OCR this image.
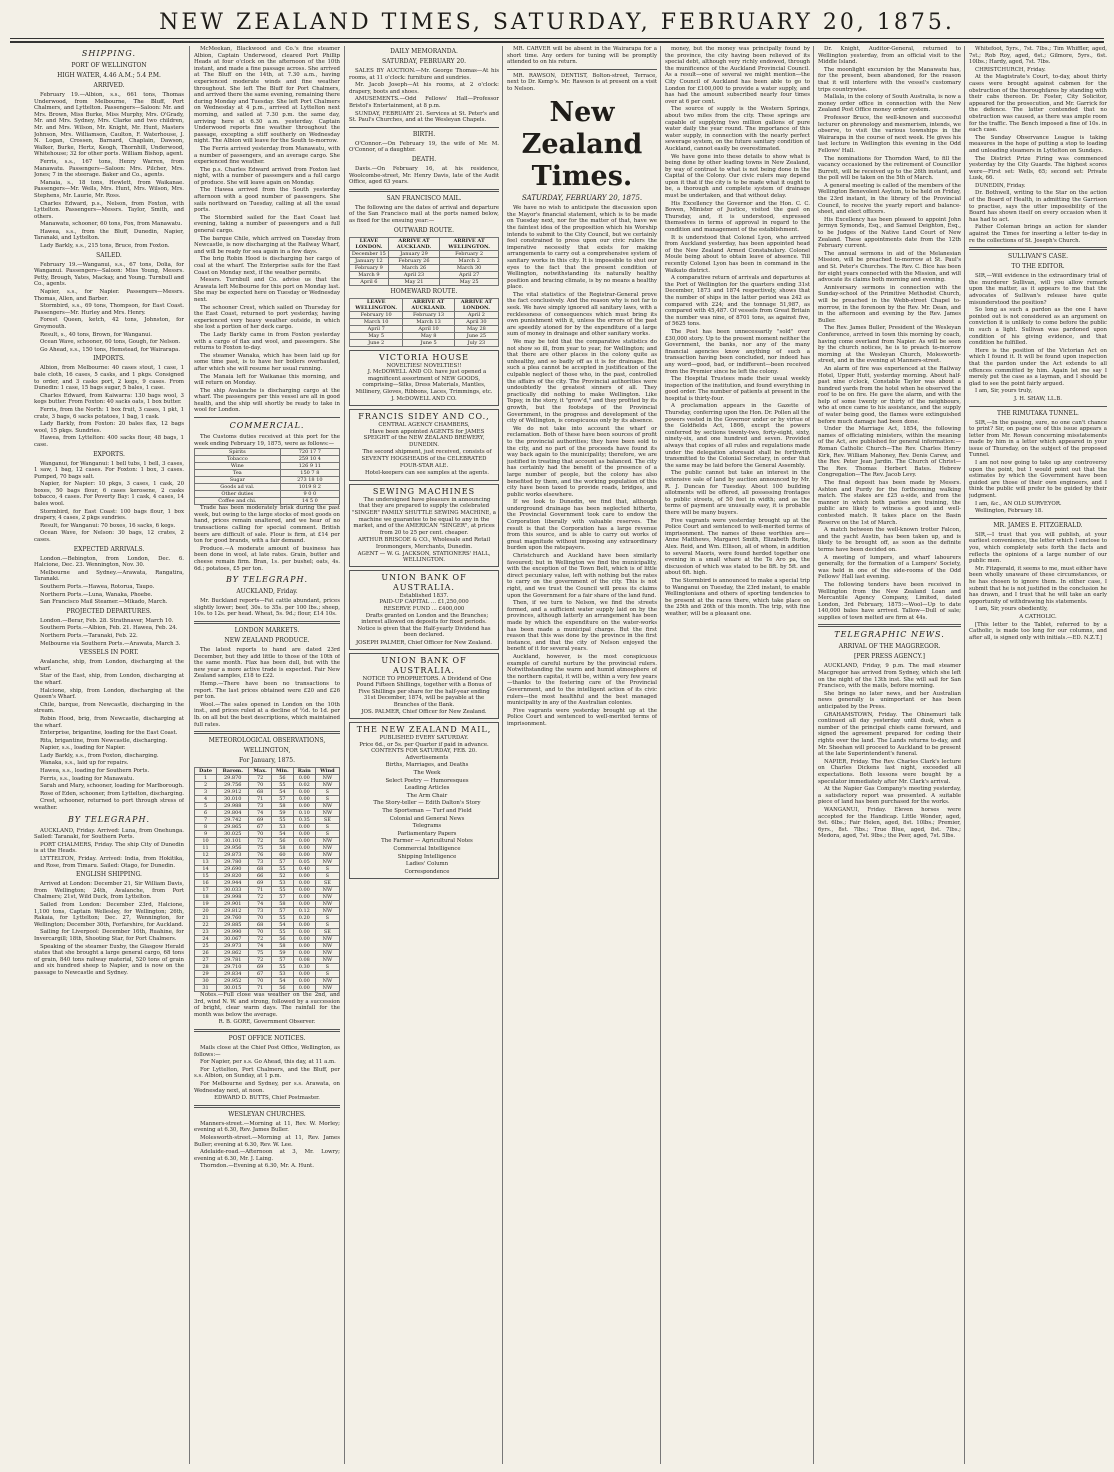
NEW ZEALAND TIMES, SATURDAY, FEBRUARY 20, 1875.
SHIPPING.
PORT OF WELLINGTON
HIGH WATER, 4.46 A.M.; 5.4 P.M.
ARRIVED.

February 19.—Albion, s.s., 661 tons, Thomas Underwood, from Melbourne, The Bluff, Port Chalmers, and Lyttelton. Passengers—Saloon: Mr. and Mrs. Brown, Miss Burke, Miss Murphy, Mrs. O'Grady, Mr. and Mrs. Sydney, Mrs. Clarke and two children, Mr. and Mrs. Wilson, Mr. Knight, Mr. Hunt, Masters Johnson, Mrs. Williamson, Caulton, F. Waterhouse, J. N. Logan, Crossen, Barnard, Chaplain, Dawson, Walker, Burke, Hertz, Keogh, Thornhill, Underwood, Whitehouse; 32 for other ports. William Bishop, agent.

Ferris, s.s., 167 tons, Henry Warren, from Manawatu. Passengers—Saloon: Mrs. Pilcher, Mrs. Jones; 7 in the steerage. Baker and Co., agents.

Manaia, s., 18 tons, Hewlett, from Waikanae. Passengers—Mr. Wells, Mrs. Hunt, Mrs. Wilson, Mrs. Stephens, Mr. Laurie, Mr. Ross.

Charles Edward, p.s., Nelson, from Foxton, with Lyttelton. Passengers—Messrs. Taylor, Smith, and others.

Manawatu, schooner, 60 tons, Fox, from Manawatu.

Hawea, s.s., from the Bluff, Dunedin, Napier, Taranaki, and Lyttelton.

Lady Barkly, s.s., 215 tons, Bruce, from Foxton.

SAILED.

February 19.—Wanganui, s.s., 67 tons, Dolia, for Wanganui. Passengers—Saloon: Miss Young, Messrs. Petty, Brough, Yates, Mackay, and Young. Turnbull and Co., agents.

Napier, s.s., for Napier. Passengers—Messrs. Thomas, Allen, and Barber.

Stormbird, s.s., 69 tons, Thompson, for East Coast. Passengers—Mr. Hurley and Mrs. Henry.

Forest Queen, ketch, 42 tons, Johnston, for Greymouth.

Result, s., 40 tons, Brown, for Wanganui.

Ocean Wave, schooner, 60 tons, Gough, for Nelson.

Go Ahead, s.s., 150 tons, Hemstead, for Wairarapa.

IMPORTS.

Albion, from Melbourne: 40 cases stout, 1 case, 1 bale cloth, 16 cases, 5 casks, and 1 pkgs. Consigned to order, and 3 casks port, 2 kegs, 9 cases. From Dunedin: 1 case, 15 bags sugar, 5 bales, 1 case.

Charles Edward, from Kaiwarra: 130 bags wool, 3 kegs butter. From Foxton: 40 sacks oats, 1 box butter.

Ferris, from the North: 1 box fruit, 3 cases, 1 pkt, 1 crate, 3 bags, 6 sacks potatoes, 1 bag, 1 cask.

Lady Barkly, from Foxton: 20 bales flax, 12 bags wool, 15 pkgs. Sundries.

Hawea, from Lyttelton: 400 sacks flour, 48 bags, 1 case.

EXPORTS.

Wanganui, for Wanganui: 1 bell tubs, 1 bell, 3 cases, 1 saw, 1 bag, 12 cases. For Foxton: 1 box, 3 cases. Pumped, 70 bags salt.

Napier, for Napier: 10 pkgs, 3 cases, 1 cask, 20 boxes, 50 bags flour, 6 cases kerosene, 2 casks tobacco, 4 cases. For Poverty Bay: 1 cask, 4 cases, 14 bales wool.

Stormbird, for East Coast: 100 bags flour, 1 box drapery, 4 cases, 2 pkgs sundries.

Result, for Wanganui: 70 boxes, 16 sacks, 6 kegs.

Ocean Wave, for Nelson: 30 bags, 12 crates, 2 cases.

EXPECTED ARRIVALS.

London.—Bebington, from London, Dec. 6. Halcione, Dec. 23. Wennington, Nov. 30.

Melbourne and Sydney.—Arawata, Rangatira, Taranaki.

Southern Ports.—Hawea, Rotorua, Taupo.

Northern Ports.—Luna, Wanaka, Phoebe.

San Francisco Mail Steamer.—Mikado, March.

PROJECTED DEPARTURES.

London.—Berar, Feb. 28. Strathnaver, March 10.

Southern Ports.—Albion, Feb. 21. Hawea, Feb. 24.

Northern Ports.—Taranaki, Feb. 22.

Melbourne via Southern Ports.—Arawata, March 3.

VESSELS IN PORT.

Avalanche, ship, from London, discharging at the wharf.

Star of the East, ship, from London, discharging at the wharf.

Halcione, ship, from London, discharging at the Queen's Wharf.

Chile, barque, from Newcastle, discharging in the stream.

Robin Hood, brig, from Newcastle, discharging at the wharf.

Enterprise, brigantine, loading for the East Coast.

Rita, brigantine, from Newcastle, discharging.

Napier, s.s., loading for Napier.

Lady Barkly, s.s., from Foxton, discharging.

Wanaka, s.s., laid up for repairs.

Hawea, s.s., loading for Southern Ports.

Ferris, s.s., loading for Manawatu.

Sarah and Mary, schooner, loading for Marlborough.

Rose of Eden, schooner, from Lyttelton, discharging.

Crest, schooner, returned to port through stress of weather.

BY TELEGRAPH.

AUCKLAND, Friday. Arrived: Luna, from Onehunga. Sailed: Taranaki, for Southern Ports.

PORT CHALMERS, Friday. The ship City of Dunedin is at the Heads.

LYTTELTON, Friday. Arrived: India, from Hokitika, and Rose, from Timaru. Sailed: Otago, for Dunedin.

ENGLISH SHIPPING.

Arrived at London: December 21, Sir William Davis, from Wellington; 24th, Avalanche, from Port Chalmers; 21st, Wild Duck, from Lyttelton.

Sailed from London: December 23rd, Halcione, 1,100 tons, Captain Wellesley, for Wellington; 26th, Rakaia, for Lyttelton; Dec. 27, Wennington, for Wellington; December 30th, Forfarshire, for Auckland.

Sailing for Liverpool: December 16th, Ruahine, for Invercargill; 18th, Shooting Star, for Port Chalmers.

Speaking of the steamer Euxby, the Glasgow Herald states that she brought a large general cargo, 68 tons of grain, 840 tons railway material, 520 tons of grain and six hundred sheep to Napier, and is now on the passage to Newcastle and Sydney.

McMeekan, Blackwood and Co.'s fine steamer Albion, Captain Underwood, cleared Port Phillip Heads at four o'clock on the afternoon of the 10th instant, and made a fine passage across. She arrived at The Bluff on the 14th, at 7.30 a.m., having experienced moderate winds and fine weather throughout. She left The Bluff for Port Chalmers, and arrived there the same evening, remaining there during Monday and Tuesday. She left Port Chalmers on Wednesday at 4 p.m., arrived at Lyttelton next morning, and sailed at 7.30 p.m. the same day, arriving here at 6.30 a.m. yesterday. Captain Underwood reports fine weather throughout the passage, excepting a stiff southerly on Wednesday night. The Albion will leave for the South to-morrow.

The Ferris arrived yesterday from Manawatu, with a number of passengers, and an average cargo. She experienced fine weather.

The p.s. Charles Edward arrived from Foxton last night, with a number of passengers and a full cargo of produce. She will leave again on Monday.

The Hawea arrived from the South yesterday afternoon with a good number of passengers. She sails northward on Tuesday, calling at all the usual ports.

The Stormbird sailed for the East Coast last evening, taking a number of passengers and a full general cargo.

The barque Chile, which arrived on Tuesday from Newcastle, is now discharging at the Railway Wharf, and will be ready for sea again in a few days.

The brig Robin Hood is discharging her cargo of coal at the wharf. The Enterprise sails for the East Coast on Monday next, if the weather permits.

Messrs. Turnbull and Co. advise us that the Arawata left Melbourne for this port on Monday last. She may be expected here on Tuesday or Wednesday next.

The schooner Crest, which sailed on Thursday for the East Coast, returned to port yesterday, having experienced very heavy weather outside, in which she lost a portion of her deck cargo.

The Lady Barkly came in from Foxton yesterday with a cargo of flax and wool, and passengers. She returns to Foxton to-day.

The steamer Wanaka, which has been laid up for some time past, is to have her boilers overhauled, after which she will resume her usual running.

The Manaia left for Waikanae this morning, and will return on Monday.

The ship Avalanche is discharging cargo at the wharf. The passengers per this vessel are all in good health, and the ship will shortly be ready to take in wool for London.

COMMERCIAL.

The Customs duties received at this port for the week ending February 19, 1875, were as follows:—

Spirits	720 17 7
Tobacco	259 10 4
Wine	126 9 11
Tea	150 7 8
Sugar	273 18 10
Goods ad val.	1019 8 2
Other duties	9 0 0
Coffee and chi.	14 5 0

Trade has been moderately brisk during the past week, but owing to the large stocks of most goods on hand, prices remain unaltered, and we hear of no transactions calling for special comment. British beers are difficult of sale. Flour is firm, at £14 per ton for good brands, with a fair demand.

Produce.—A moderate amount of business has been done in wool, at late rates. Grain, butter and cheese remain firm. Bran, 1s. per bushel; oats, 4s. 6d.; potatoes, £5 per ton.

BY TELEGRAPH.
AUCKLAND, Friday.

Mr. Buckland reports—Fat cattle abundant, prices slightly lower; beef, 30s. to 35s. per 100 lbs.; sheep, 10s. to 12s. per head. Wheat, 5s. 9d.; flour, £14 10s.

LONDON MARKETS.
NEW ZEALAND PRODUCE.

The latest reports to hand are dated 23rd December, but they add little to those of the 10th of the same month. Flax has been dull, but with the new year a more active trade is expected. Fair New Zealand samples, £18 to £22.

Hemp.—There have been no transactions to report. The last prices obtained were £20 and £26 per ton.

Wool.—The sales opened in London on the 10th inst., and prices ruled at a decline of ½d. to 1d. per lb. on all but the best descriptions, which maintained full rates.

METEOROLOGICAL OBSERVATIONS,
WELLINGTON,
For January, 1875.
Date	Barom.	Max.	Min.	Rain	Wind
1	29.870	72	56	0.00	NW
2	29.756	70	55	0.02	NW
3	29.912	68	54	0.00	S
4	30.010	71	57	0.00	S
5	29.988	73	58	0.00	NW
6	29.804	74	59	0.10	NW
7	29.742	69	55	0.35	SE
8	29.865	67	53	0.00	S
9	30.025	70	54	0.00	S
10	30.101	72	56	0.00	NW
11	29.956	75	58	0.00	NW
12	29.873	76	60	0.00	NW
13	29.780	73	57	0.05	NW
14	29.690	68	55	0.40	S
15	29.820	66	52	0.00	S
16	29.944	69	53	0.00	SE
17	30.033	71	55	0.00	NW
18	29.998	72	57	0.00	NW
19	29.901	74	58	0.00	NW
20	29.812	73	57	0.12	NW
21	29.760	70	55	0.20	S
22	29.885	68	54	0.00	S
23	29.990	70	55	0.00	SE
24	30.067	72	56	0.00	NW
25	29.973	74	58	0.00	NW
26	29.862	75	59	0.00	NW
27	29.781	72	57	0.08	NW
28	29.710	69	55	0.30	S
29	29.834	67	53	0.00	S
30	29.952	70	54	0.00	NW
31	30.015	71	56	0.00	NW

Notes.—Full close was weather on the 2nd, and 3rd, wind N. W. and strong, followed by a succession of bright, clear warm days. The rainfall for the month was below the average.

R. B. GORE, Government Observer.

POST OFFICE NOTICES.

Mails close at the Chief Post Office, Wellington, as follows:—

For Napier, per s.s. Go Ahead, this day, at 11 a.m.

For Lyttelton, Port Chalmers, and the Bluff, per s.s. Albion, on Sunday, at 1 p.m.

For Melbourne and Sydney, per s.s. Arawata, on Wednesday next, at noon.

EDWARD D. BUTTS, Chief Postmaster.

WESLEYAN CHURCHES.

Manners-street.—Morning at 11, Rev. W. Morley; evening at 6.30, Rev. James Buller.

Molesworth-street.—Morning at 11, Rev. James Buller; evening at 6.30, Rev. W. Lee.

Adelaide-road.—Afternoon at 3, Mr. Lowry; evening at 6.30, Mr. J. Laing.

Thorndon.—Evening at 6.30, Mr. A. Hunt.

DAILY MEMORANDA.
SATURDAY, FEBRUARY 20.

SALES BY AUCTION.—Mr. George Thomas—At his rooms, at 11 o'clock: furniture and sundries.

Mr. Jacob Joseph—At his rooms, at 2 o'clock: drapery, boots and shoes.

AMUSEMENTS.—Odd Fellows' Hall—Professor Bristol's Entertainment, at 8 p.m.

SUNDAY, FEBRUARY 21. Services at St. Peter's and St. Paul's Churches, and at the Wesleyan Chapels.

BIRTH.

O'Connor.—On February 19, the wife of Mr. M. O'Connor, of a daughter.

DEATH.

Davis.—On February 16, at his residence, Woolcombe-street, Mr. Henry Davis, late of the Audit Office, aged 63 years.

SAN FRANCISCO MAIL.

The following are the dates of arrival and departure of the San Francisco mail at the ports named below, as fixed for the ensuing year:—

OUTWARD ROUTE.
LEAVE LONDON.	ARRIVE AT AUCKLAND.	ARRIVE AT WELLINGTON.
December 15	January 29	February 2
January 12	February 26	March 2
February 9	March 26	March 30
March 9	April 23	April 27
April 6	May 21	May 25
HOMEWARD ROUTE.
LEAVE WELLINGTON.	ARRIVE AT AUCKLAND.	ARRIVE AT LONDON.
February 10	February 13	April 2
March 10	March 13	April 30
April 7	April 10	May 28
May 5	May 8	June 25
June 2	June 5	July 23
VICTORIA HOUSE
NOVELTIES! NOVELTIES!!

J. McDOWELL AND CO. have just opened a magnificent assortment of NEW GOODS, comprising—Silks, Dress Materials, Mantles, Millinery, Gloves, Ribbons, Laces, Trimmings, etc.

J. McDOWELL AND CO.
FRANCIS SIDEY AND CO.,
CENTRAL AGENCY CHAMBERS,

Have been appointed AGENTS for JAMES SPEIGHT of the NEW ZEALAND BREWERY, DUNEDIN.

The second shipment, just received, consists of SEVENTY HOGSHEADS of the CELEBRATED FOUR-STAR ALE.

Hotel-keepers can see samples at the agents.

SEWING MACHINES

The undersigned have pleasure in announcing that they are prepared to supply the celebrated "SINGER" FAMILY SHUTTLE SEWING MACHINE, a machine we guarantee to be equal to any in the market, and of the AMERICAN "SINGER", at prices from 20 to 25 per cent. cheaper.

ARTHUR BRISCOE & CO., Wholesale and Retail Ironmongers, Merchants, Dunedin.
AGENT — W. G. JACKSON, STATIONERS' HALL, WELLINGTON.
UNION BANK OF AUSTRALIA.
Established 1837.
PAID-UP CAPITAL ... £1,250,000
RESERVE FUND ... £400,000

Drafts granted on London and the Branches; interest allowed on deposits for fixed periods. Notice is given that the Half-yearly Dividend has been declared.

JOSEPH PALMER, Chief Officer for New Zealand.
UNION BANK OF AUSTRALIA.

NOTICE TO PROPRIETORS. A Dividend of One Pound Fifteen Shillings, together with a Bonus of Five Shillings per share for the half-year ending 31st December, 1874, will be payable at the Branches of the Bank.

JOS. PALMER, Chief Officer for New Zealand.
THE NEW ZEALAND MAIL,
PUBLISHED EVERY SATURDAY.
Price 6d., or 5s. per Quarter if paid in advance.
CONTENTS FOR SATURDAY, FEB. 20.

Advertisements

Births, Marriages, and Deaths

The Week

Select Poetry — Humoresques

Leading Articles

The Arm Chair

The Story-teller — Edith Dalton's Story

The Sportsman — Turf and Field

Colonial and General News

Telegrams

Parliamentary Papers

The Farmer — Agricultural Notes

Commercial Intelligence

Shipping Intelligence

Ladies' Column

Correspondence

MR. CARVER will be absent in the Wairarapa for a short time. Any orders for tuning will be promptly attended to on his return.

MR. RAWSON, DENTIST, Bolton-street, Terrace, next to Dr. Kemp's. Mr. Rawson is at present on a visit to Nelson.

New Zealand Times.
SATURDAY, FEBRUARY 20, 1875.

We have no wish to anticipate the discussion upon the Mayor's financial statement, which is to be made on Tuesday next, nor for the matter of that, have we the faintest idea of the proposition which his Worship intends to submit to the City Council, but we certainly feel constrained to press upon our civic rulers the imperative necessity that exists for making arrangements to carry out a comprehensive system of sanitary works in this city. It is impossible to shut our eyes to the fact that the present condition of Wellington, notwithstanding its naturally healthy position and bracing climate, is by no means a healthy place.

The vital statistics of the Registrar-General prove the fact conclusively. And the reason why is not far to seek. We have simply ignored all sanitary laws, with a recklessness of consequences which must bring its own punishment with it, unless the errors of the past are speedily atoned for by the expenditure of a large sum of money in drainage and other sanitary works.

We may be told that the comparative statistics do not show so ill, from year to year, for Wellington; and that there are other places in the colony quite as unhealthy, and so badly off as it is for drainage. But such a plea cannot be accepted in justification of the culpable neglect of those who, in the past, controlled the affairs of the city. The Provincial authorities were undoubtedly the greatest sinners of all. They practically did nothing to make Wellington. Like Topsy, in the story, it "grow'd," and they profited by its growth, but the footsteps of the Provincial Government, in the progress and development of the city of Wellington, is conspicuous only by its absence.

We do not take into account the wharf or reclamation. Both of these have been sources of profit to the provincial authorities; they have been sold to the city, and no part of the proceeds have found its way back again to the municipality; therefore, we are justified in treating that account as balanced. The city has certainly had the benefit of the presence of a large number of people, but the colony has also benefited by them, and the working population of this city have been taxed to provide roads, bridges, and public works elsewhere.

If we look to Dunedin, we find that, although underground drainage has been neglected hitherto, the Provincial Government took care to endow the Corporation liberally with valuable reserves. The result is that the Corporation has a large revenue from this source, and is able to carry out works of great magnitude without imposing any extraordinary burden upon the ratepayers.

Christchurch and Auckland have been similarly favoured; but in Wellington we find the municipality, with the exception of the Town Belt, which is of little direct pecuniary value, left with nothing but the rates to carry on the government of the city. This is not right, and we trust the Council will press its claims upon the Government for a fair share of the land fund.

Then, if we turn to Nelson, we find the streets formed, and a sufficient water supply laid on by the provinces, although latterly an arrangement has been made by which the expenditure on the water-works has been made a municipal charge. But the first reason that this was done by the province in the first instance, and that the city of Nelson enjoyed the benefit of it for several years.

Auckland, however, is the most conspicuous example of careful nurture by the provincial rulers. Notwithstanding the warm and humid atmosphere of the northern capital, it will be, within a very few years—thanks to the fostering care of the Provincial Government, and to the intelligent action of its civic rulers—the most healthful and the best managed municipality in any of the Australian colonies.

Five vagrants were yesterday brought up at the Police Court and sentenced to well-merited terms of imprisonment.

money, but the money was principally found by the province, the city having been relieved of its special debt, although very richly endowed, through the munificence of the Auckland Provincial Council. As a result—one of several we might mention—the City Council of Auckland has been able to go to London for £100,000 to provide a water supply, and has had the amount subscribed nearly four times over at 6 per cent.

The source of supply is the Western Springs, about two miles from the city. These springs are capable of supplying two million gallons of pure water daily the year round. The importance of this water supply, in connection with the nearly perfect sewerage system, on the future sanitary condition of Auckland, cannot easily be overestimated.

We have gone into these details to show what is being done by other leading towns in New Zealand, by way of contrast to what is not being done in the Capital of the Colony. Our civic rulers may depend upon it that if the city is to be made what it ought to be, a thorough and complete system of drainage must be undertaken, and that without delay.

His Excellency the Governor and the Hon. C. C. Bowen, Minister of Justice, visited the gaol on Thursday, and, it is understood, expressed themselves in terms of approval in regard to the condition and management of the establishment.

It is understood that Colonel Lyon, who arrived from Auckland yesterday, has been appointed head of the New Zealand Armed Constabulary. Colonel Moule being about to obtain leave of absence. Till recently Colonel Lyon has been in command in the Waikato district.

A comparative return of arrivals and departures at the Port of Wellington for the quarters ending 31st December, 1873 and 1874 respectively, shows that the number of ships in the latter period was 242 as compared with 224; and the tonnage 51,987, as compared with 45,487. Of vessels from Great Britain the number was nine, of 8701 tons, as against five, of 5625 tons.

The Post has been unnecessarily "sold" over £30,000 story. Up to the present moment neither the Government, the banks, nor any of the many financial agencies know anything of such a transaction having been concluded, nor indeed has any word—good, bad, or indifferent—been received from the Premier since he left the colony.

The Hospital Trustees made their usual weekly inspection of the institution, and found everything in good order. The number of patients at present in the hospital is thirty-four.

A proclamation appears in the Gazette of Thursday, conferring upon the Hon. Dr. Pollen all the powers vested in the Governor under or by virtue of the Goldfields Act, 1866, except the powers conferred by sections twenty-two, forty-eight, sixty, ninety-six, and one hundred and seven. Provided always that copies of all rules and regulations made under the delegation aforesaid shall be forthwith transmitted to the Colonial Secretary, in order that the same may be laid before the General Assembly.

The public cannot but take an interest in the extensive sale of land by auction announced by Mr. R. J. Duncan for Tuesday. About 100 building allotments will be offered, all possessing frontages to public streets, of 50 feet in width; and as the terms of payment are unusually easy, it is probable there will be many buyers.

Five vagrants were yesterday brought up at the Police Court and sentenced to well-merited terms of imprisonment. The names of these worthies are—Anne Matthews, Margaret Smith, Elizabeth Burke, Alex. Reid, and Wm. Ellison, all of whom, in addition to several Maoris, were found herded together one evening in a small whare at the Te Aro pa, the discussion of which was stated to be 8ft. by 5ft. and about 6ft. high.

The Stormbird is announced to make a special trip to Wanganui on Tuesday, the 23rd instant, to enable Wellingtonians and others of sporting tendencies to be present at the races there, which take place on the 25th and 26th of this month. The trip, with fine weather, will be a pleasant one.

Dr. Knight, Auditor-General, returned to Wellington yesterday, from an official visit to the Middle Island.

The moonlight excursion by the Manawatu has, for the present, been abandoned, for the reason that it will interfere with the vessel's customary trips countrywise.

Mallala, in the colony of South Australia, is now a money order office in connection with the New Zealand Post Office money order system.

Professor Bruce, the well-known and successful lecturer on phrenology and mesmerism, intends, we observe, to visit the various townships in the Wairarapa in the course of next week. He gives his last lecture in Wellington this evening in the Odd Fellows' Hall.

The nominations for Thorndon Ward, to fill the vacancy occasioned by the retirement of Councillor Burrett, will be received up to the 26th instant, and the poll will be taken on the 5th of March.

A general meeting is called of the members of the Wellington Benevolent Asylum, to be held on Friday, the 23rd instant, in the library of the Provincial Council, to receive the yearly report and balance-sheet, and elect officers.

His Excellency has been pleased to appoint John Jermyn Symonds, Esq., and Samuel Deighton, Esq., to be Judges of the Native Land Court of New Zealand. These appointments date from the 12th February current.

The annual sermons in aid of the Melanesian Mission, will be preached to-morrow at St. Paul's and St. Peter's Churches. The Rev. C. Bice has been for eight years connected with the Mission, and will advocate its claims both morning and evening.

Anniversary sermons in connection with the Sunday-school of the Primitive Methodist Church, will be preached in the Webb-street Chapel to-morrow, in the forenoon by the Rev. Mr. Dean, and in the afternoon and evening by the Rev. James Buller.

The Rev. James Buller, President of the Wesleyan Conference, arrived in town this morning by coach, having come overland from Napier. As will be seen by the church notices, he is to preach to-morrow morning at the Wesleyan Church, Molesworth-street, and in the evening at Manners-street.

An alarm of fire was experienced at the Railway Hotel, Upper Hutt, yesterday morning. About half-past nine o'clock, Constable Taylor was about a hundred yards from the hotel when he observed the roof to be on fire. He gave the alarm, and with the help of some twenty or thirty of the neighbours, who at once came to his assistance, and the supply of water being good, the flames were extinguished before much damage had been done.

Under the Marriage Act, 1854, the following names of officiating ministers, within the meaning of the Act, are published for general information:—Roman Catholic Church—The Rev. Charles Henry Kirk, Rev. William Mahoney, Rev. Denis Carew, and the Rev. Peter Jean Jardin. The Church of Christ—The Rev. Thomas Herbert Bates. Hebrew Congregation—The Rev. Jacob Levy.

The final deposit has been made by Messrs. Ashton and Purdy for the forthcoming walking match. The stakes are £25 a-side, and from the manner in which both parties are training, the public are likely to witness a good and well-contested match. It takes place on the Basin Reserve on the 1st of March.

A match between the well-known trotter Falcon, and the yacht Austin, has been taken up, and is likely to be brought off, as soon as the definite terms have been decided on.

A meeting of lumpers, and wharf labourers generally, for the formation of a Lumpers' Society, was held in one of the side-rooms of the Odd Fellows' Hall last evening.

The following tenders have been received in Wellington from the New Zealand Loan and Mercantile Agency Company, Limited, dated London, 3rd February, 1875:—Wool—Up to date 140,000 bales have arrived. Tallow—Dull of sale; supplies of town melted are firm at 44s.

TELEGRAPHIC NEWS.
ARRIVAL OF THE MAGGREGOR.
[PER PRESS AGENCY.]

AUCKLAND, Friday, 9 p.m. The mail steamer Macgregor has arrived from Sydney, which she left on the night of the 13th inst. She will sail for San Francisco, with the mails, before morning.

She brings no later news, and her Australian news generally is unimportant or has been anticipated by the Press.

GRAHAMSTOWN, Friday. The Ohinemuri talk continued all day yesterday until dusk, when a number of the principal chiefs came forward, and signed the agreement prepared for ceding their rights over the land. The Lands returns to-day, and Mr. Sheehan will proceed to Auckland to be present at the late Superintendent's funeral.

NAPIER, Friday. The Rev. Charles Clark's lecture on Charles Dickens last night, exceeded all expectations. Both lessons were bought by a speculator immediately after Mr. Clark's arrival.

At the Napier Gas Company's meeting yesterday, a satisfactory report was presented. A suitable piece of land has been purchased for the works.

WANGANUI, Friday. Eleven horses were accepted for the Handicap. Little Wonder, aged, 9st. 6lbs.; Fair Helen, aged, 8st. 10lbs.; Premier, 6yrs., 8st. 7lbs.; True Blue, aged, 8st. 7lbs.; Medora, aged, 7st. 9lbs.; the Peer, aged, 7st. 5lbs.

Whitefoot, 5yrs., 7st. 7lbs.; Tim Whiffler, aged, 7st.; Rob Roy, aged, 6st.; Gilmore, 5yrs., 6st. 10lbs.; Hardy, aged, 7st. 7lbs.

CHRISTCHURCH, Friday.

At the Magistrate's Court, to-day, about thirty cases were brought against cabmen for the obstruction of the thoroughfares by standing with their cabs thereon. Dr. Foster, City Solicitor, appeared for the prosecution, and Mr. Garrick for the defence. The latter contended that no obstruction was caused, as there was ample room for the traffic. The Bench imposed a fine of 10s. in each case.

The Sunday Observance League is taking measures in the hope of putting a stop to loading and unloading steamers in Lyttelton on Sundays.

The District Prize Firing was commenced yesterday by the City Guards. The highest scores were—First set: Wells, 65; second set: Private Lusk, 66.

DUNEDIN, Friday.

Dr. Bothwell, writing to the Star on the action of the Board of Health, in admitting the Garrison to practise, says the utter impossibility of the Board has shown itself on every occasion when it has had to act.

Father Coleman brings an action for slander against the Times for inserting a letter to-day in re the collections of St. Joseph's Church.

SULLIVAN'S CASE.
TO THE EDITOR.

SIR,—Will evidence in the extraordinary trial of the murderer Sullivan, will you allow remark upon the matter, as it appears to me that the advocates of Sullivan's release have quite misunderstood the position?

So long as such a pardon as the one I have pointed out is not considered as an argument on conviction it is unlikely to come before the public in such a light. Sullivan was pardoned upon condition of his giving evidence, and that condition he fulfilled.

Here is the position of the Victorian Act on which I found it. It will be found upon inspection that the pardon under the Act extends to all offences committed by him. Again let me say I merely put the case as a layman, and I should be glad to see the point fairly argued.

I am, Sir, yours truly,

J. H. SHAW, LL.B.

THE RIMUTAKA TUNNEL.

SIR,—In the passing, sure, no one can't chance to print? Sir, on page one of this issue appears a letter from Mr. Rowan concerning misstatements made by him in a letter which appeared in your issue of Thursday, on the subject of the proposed Tunnel.

I am not now going to take up any controversy upon the point, but I would point out that the estimates by which the Government have been guided are those of their own engineers, and I think the public will prefer to be guided by their judgment.

I am, &c., AN OLD SURVEYOR.

Wellington, February 18.

MR. JAMES E. FITZGERALD.

SIR,—I trust that you will publish, at your earliest convenience, the letter which I enclose to you, which completely sets forth the facts and reflects the opinions of a large number of our public men.

Mr. Fitzgerald, it seems to me, must either have been wholly unaware of these circumstances, or he has chosen to ignore them. In either case, I submit that he is not justified in the conclusion he has drawn, and I trust that he will take an early opportunity of withdrawing his statements.

I am, Sir, yours obediently,

A CATHOLIC.

[This letter to the Tablet, referred to by a Catholic, is made too long for our columns, and after all, is signed only with initials.—ED. N.Z.T.]
